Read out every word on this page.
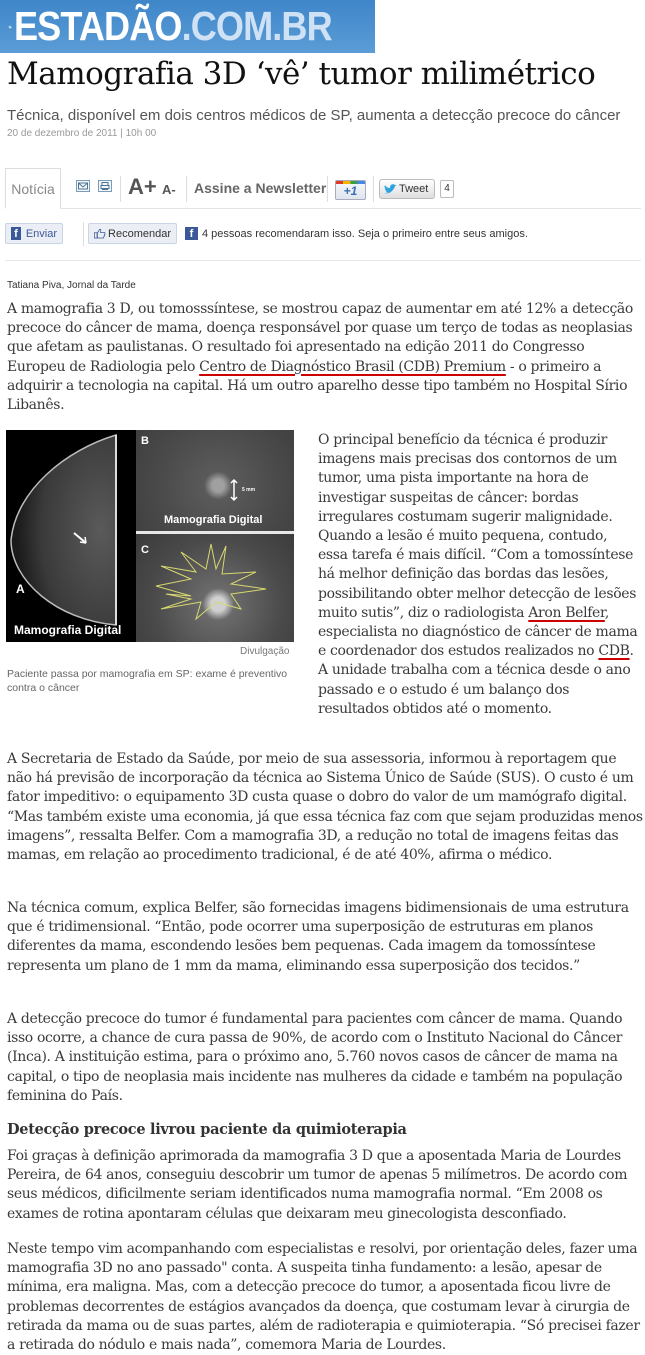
ESTADÃO.COM.BR
Mamografia 3D ‘vê’ tumor milimétrico
Técnica, disponível em dois centros médicos de SP, aumenta a detecção precoce do câncer
20 de dezembro de 2011 | 10h 00
Notícia	A+ A- Assine a Newsletter	+1	Tweet	4
f Enviar	Recomendar	f 4 pessoas recomendaram isso. Seja o primeiro entre seus amigos.
Tatiana Piva, Jornal da Tarde

A mamografia 3 D, ou tomosssíntese, se mostrou capaz de aumentar em até 12% a detecção precoce do câncer de mama, doença responsável por quase um terço de todas as neoplasias que afetam as paulistanas. O resultado foi apresentado na edição 2011 do Congresso Europeu de Radiologia pelo Centro de Diagnóstico Brasil (CDB) Premium - o primeiro a adquirir a tecnologia na capital. Há um outro aparelho desse tipo também no Hospital Sírio Libanês.

A
B
C
Mamografia Digital
Mamografia Digital
5 mm
Divulgação
Paciente passa por mamografia em SP: exame é preventivo contra o câncer

O principal benefício da técnica é produzir imagens mais precisas dos contornos de um tumor, uma pista importante na hora de investigar suspeitas de câncer: bordas irregulares costumam sugerir malignidade. Quando a lesão é muito pequena, contudo, essa tarefa é mais difícil. “Com a tomossíntese há melhor definição das bordas das lesões, possibilitando obter melhor detecção de lesões muito sutis”, diz o radiologista Aron Belfer, especialista no diagnóstico de câncer de mama e coordenador dos estudos realizados no CDB. A unidade trabalha com a técnica desde o ano passado e o estudo é um balanço dos resultados obtidos até o momento.

A Secretaria de Estado da Saúde, por meio de sua assessoria, informou à reportagem que não há previsão de incorporação da técnica ao Sistema Único de Saúde (SUS). O custo é um fator impeditivo: o equipamento 3D custa quase o dobro do valor de um mamógrafo digital. “Mas também existe uma economia, já que essa técnica faz com que sejam produzidas menos imagens”, ressalta Belfer. Com a mamografia 3D, a redução no total de imagens feitas das mamas, em relação ao procedimento tradicional, é de até 40%, afirma o médico.

Na técnica comum, explica Belfer, são fornecidas imagens bidimensionais de uma estrutura que é tridimensional. “Então, pode ocorrer uma superposição de estruturas em planos diferentes da mama, escondendo lesões bem pequenas. Cada imagem da tomossíntese representa um plano de 1 mm da mama, eliminando essa superposição dos tecidos.”

A detecção precoce do tumor é fundamental para pacientes com câncer de mama. Quando isso ocorre, a chance de cura passa de 90%, de acordo com o Instituto Nacional do Câncer (Inca). A instituição estima, para o próximo ano, 5.760 novos casos de câncer de mama na capital, o tipo de neoplasia mais incidente nas mulheres da cidade e também na população feminina do País.

Detecção precoce livrou paciente da quimioterapia

Foi graças à definição aprimorada da mamografia 3 D que a aposentada Maria de Lourdes Pereira, de 64 anos, conseguiu descobrir um tumor de apenas 5 milímetros. De acordo com seus médicos, dificilmente seriam identificados numa mamografia normal. “Em 2008 os exames de rotina apontaram células que deixaram meu ginecologista desconfiado.

Neste tempo vim acompanhando com especialistas e resolvi, por orientação deles, fazer uma mamografia 3D no ano passado" conta. A suspeita tinha fundamento: a lesão, apesar de mínima, era maligna. Mas, com a detecção precoce do tumor, a aposentada ficou livre de problemas decorrentes de estágios avançados da doença, que costumam levar à cirurgia de retirada da mama ou de suas partes, além de radioterapia e quimioterapia. “Só precisei fazer a retirada do nódulo e mais nada”, comemora Maria de Lourdes.
